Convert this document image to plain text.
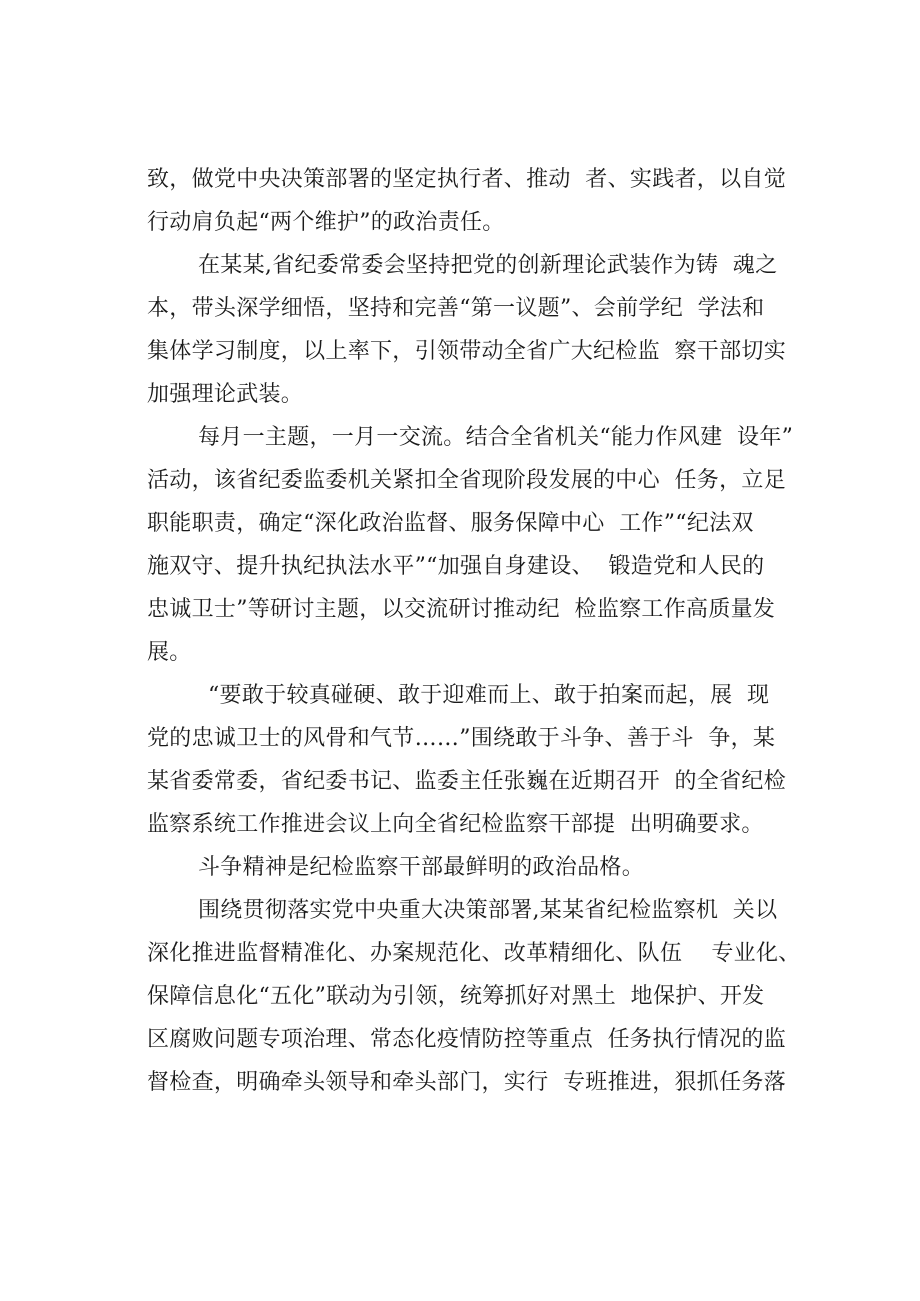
致，做党中央决策部署的坚定执行者、推动  者、实践者，以自觉
行动肩负起“两个维护”的政治责任。
在某某,省纪委常委会坚持把党的创新理论武装作为铸  魂之
本，带头深学细悟，坚持和完善“第一议题”、会前学纪  学法和
集体学习制度，以上率下，引领带动全省广大纪检监  察干部切实
加强理论武装。
每月一主题，一月一交流。结合全省机关“能力作风建  设年”
活动，该省纪委监委机关紧扣全省现阶段发展的中心  任务，立足
职能职责，确定“深化政治监督、服务保障中心  工作”“纪法双
施双守、提升执纪执法水平”“加强自身建设、  锻造党和人民的
忠诚卫士”等研讨主题，以交流研讨推动纪  检监察工作高质量发
展。
“要敢于较真碰硬、敢于迎难而上、敢于拍案而起，展  现
党的忠诚卫士的风骨和气节……”围绕敢于斗争、善于斗  争，某
某省委常委，省纪委书记、监委主任张巍在近期召开  的全省纪检
监察系统工作推进会议上向全省纪检监察干部提  出明确要求。
斗争精神是纪检监察干部最鲜明的政治品格。
围绕贯彻落实党中央重大决策部署,某某省纪检监察机  关以
深化推进监督精准化、办案规范化、改革精细化、队伍    专业化、
保障信息化“五化”联动为引领，统筹抓好对黑土  地保护、开发
区腐败问题专项治理、常态化疫情防控等重点  任务执行情况的监
督检查，明确牵头领导和牵头部门，实行  专班推进，狠抓任务落
